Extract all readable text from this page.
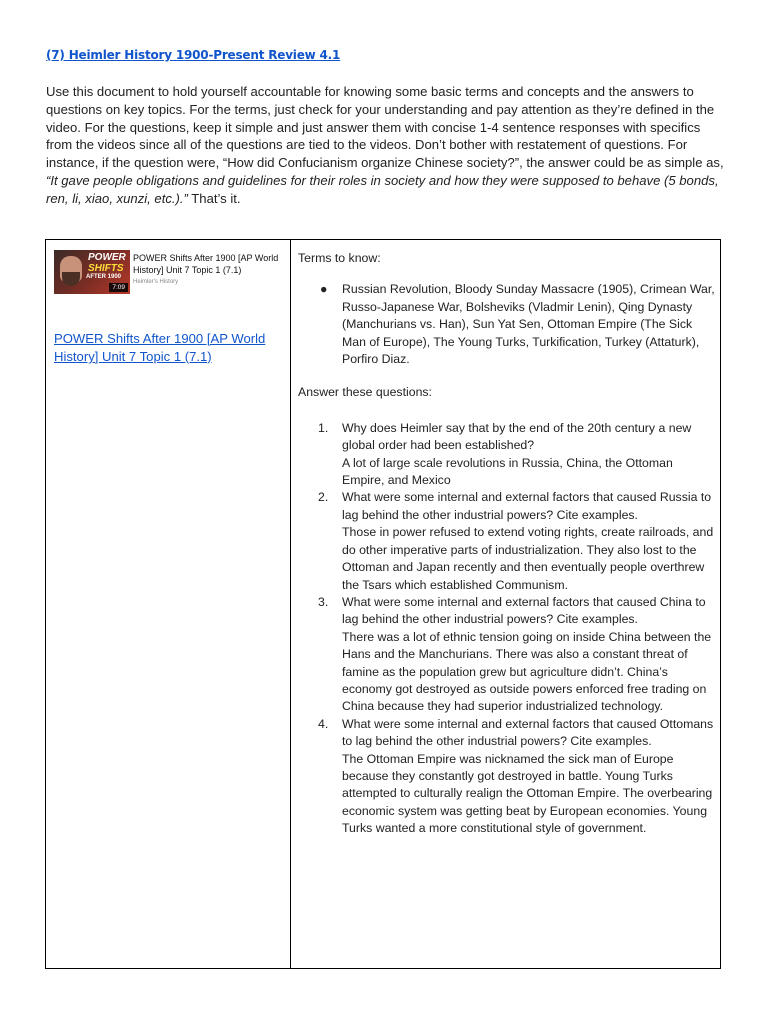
(7) Heimler History 1900-Present Review 4.1
Use this document to hold yourself accountable for knowing some basic terms and concepts and the answers to questions on key topics. For the terms, just check for your understanding and pay attention as they’re defined in the video. For the questions, keep it simple and just answer them with concise 1-4 sentence responses with specifics from the videos since all of the questions are tied to the videos. Don’t bother with restatement of questions. For instance, if the question were, “How did Confucianism organize Chinese society?”, the answer could be as simple as, “It gave people obligations and guidelines for their roles in society and how they were supposed to behave (5 bonds, ren, li, xiao, xunzi, etc.).” That’s it.
POWER
SHIFTS
AFTER 1900
7:09
POWER Shifts After 1900 [AP World History] Unit 7 Topic 1 (7.1)
Heimler's History
POWER Shifts After 1900 [AP World History] Unit 7 Topic 1 (7.1)
Terms to know:
● Russian Revolution, Bloody Sunday Massacre (1905), Crimean War, Russo-Japanese War, Bolsheviks (Vladmir Lenin), Qing Dynasty (Manchurians vs. Han), Sun Yat Sen, Ottoman Empire (The Sick Man of Europe), The Young Turks, Turkification, Turkey (Attaturk), Porfiro Diaz.
Answer these questions:
1. Why does Heimler say that by the end of the 20th century a new global order had been established?
A lot of large scale revolutions in Russia, China, the Ottoman Empire, and Mexico
2. What were some internal and external factors that caused Russia to lag behind the other industrial powers? Cite examples.
Those in power refused to extend voting rights, create railroads, and do other imperative parts of industrialization. They also lost to the Ottoman and Japan recently and then eventually people overthrew the Tsars which established Communism.
3. What were some internal and external factors that caused China to lag behind the other industrial powers? Cite examples.
There was a lot of ethnic tension going on inside China between the Hans and the Manchurians. There was also a constant threat of famine as the population grew but agriculture didn’t. China’s economy got destroyed as outside powers enforced free trading on China because they had superior industrialized technology.
4. What were some internal and external factors that caused Ottomans to lag behind the other industrial powers? Cite examples.
The Ottoman Empire was nicknamed the sick man of Europe because they constantly got destroyed in battle. Young Turks attempted to culturally realign the Ottoman Empire. The overbearing economic system was getting beat by European economies. Young Turks wanted a more constitutional style of government.
